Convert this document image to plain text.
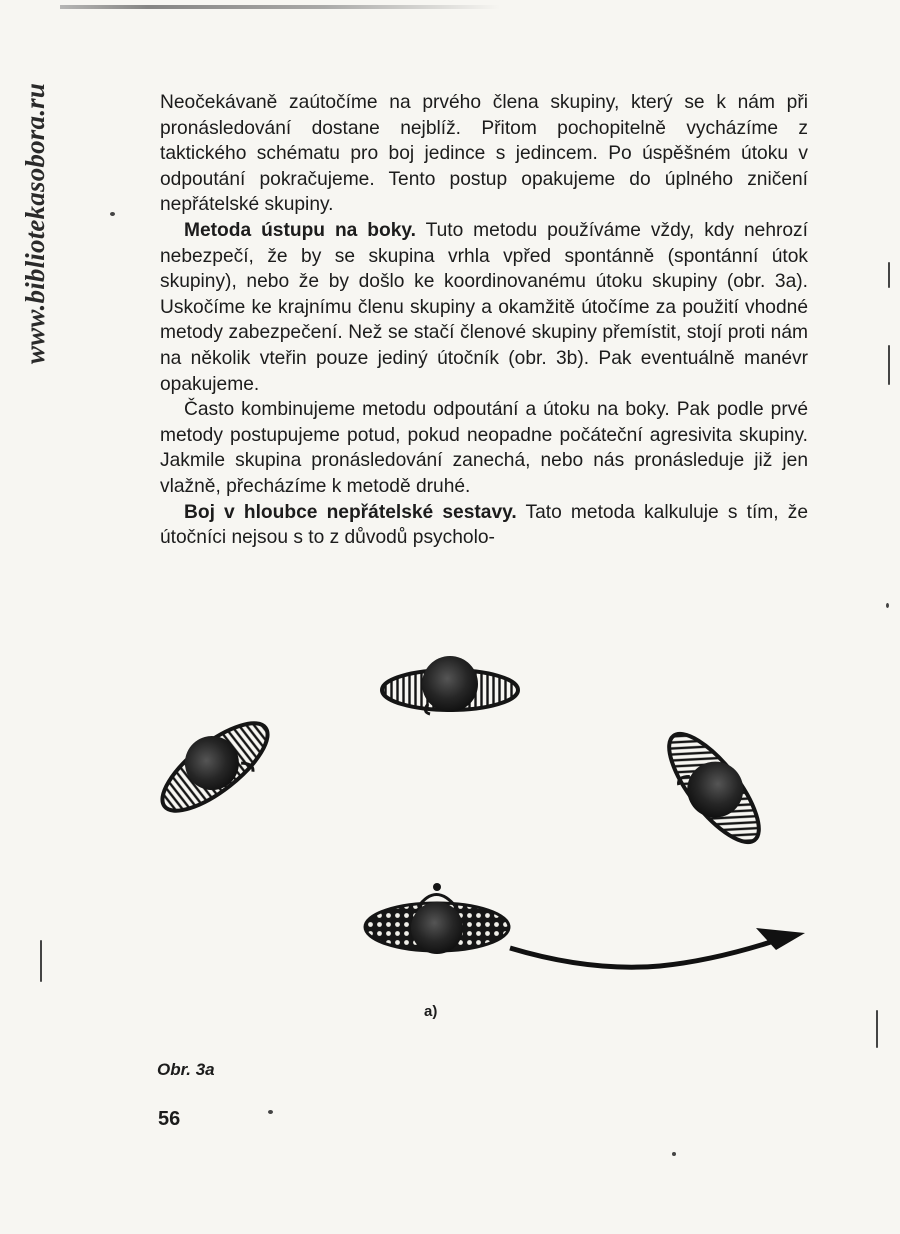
www.bibliotekasobora.ru	Neočekávaně zaútočíme na prvého člena skupiny, který se k nám při pronásledování dostane nejblíž. Přitom pochopitelně vycházíme z taktického schématu pro boj jedince s jedincem. Po úspěšném útoku v odpoutání pokračujeme. Tento postup opakujeme do úplného zničení nepřátelské skupiny.

Metoda ústupu na boky. Tuto metodu používáme vždy, kdy nehrozí nebezpečí, že by se skupina vrhla vpřed spontánně (spontánní útok skupiny), nebo že by došlo ke koordinovanému útoku skupiny (obr. 3a). Uskočíme ke krajnímu členu skupiny a okamžitě útočíme za použití vhodné metody zabezpečení. Než se stačí členové skupiny přemístit, stojí proti nám na několik vteřin pouze jediný útočník (obr. 3b). Pak eventuálně manévr opakujeme.

Často kombinujeme metodu odpoutání a útoku na boky. Pak podle prvé metody postupujeme potud, pokud neopadne počáteční agresivita skupiny. Jakmile skupina pronásledování zanechá, nebo nás pronásleduje již jen vlažně, přecházíme k metodě druhé.

Boj v hloubce nepřátelské sestavy. Tato metoda kalkuluje s tím, že útočníci nejsou s to z důvodů psycholo-

a)
Obr. 3a
56
